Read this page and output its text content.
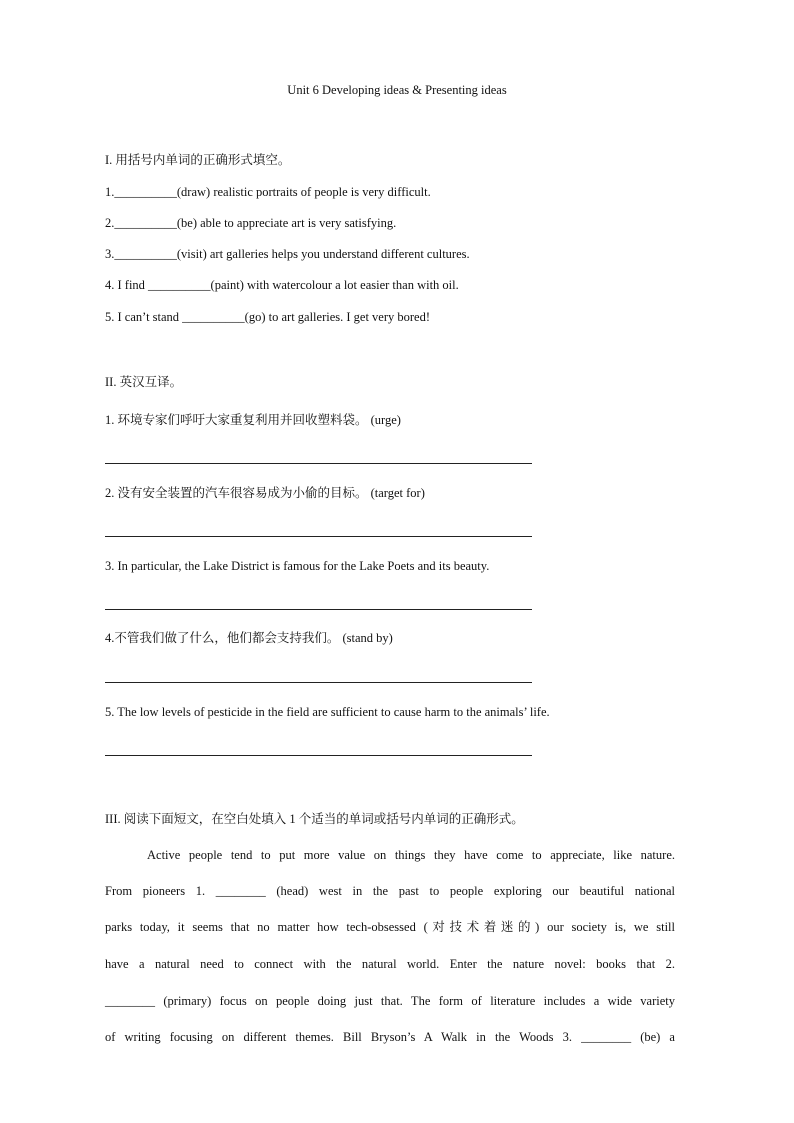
Unit 6 Developing ideas & Presenting ideas
I. 用括号内单词的正确形式填空。
1.__________(draw) realistic portraits of people is very difficult.
2.__________(be) able to appreciate art is very satisfying.
3.__________(visit) art galleries helps you understand different cultures.
4. I find __________(paint) with watercolour a lot easier than with oil.
5. I can’t stand __________(go) to art galleries. I get very bored!
II. 英汉互译。
1. 环境专家们呼吁大家重复利用并回收塑料袋。 (urge)
2. 没有安全装置的汽车很容易成为小偷的目标。 (target for)
3. In particular, the Lake District is famous for the Lake Poets and its beauty.
4.不管我们做了什么，他们都会支持我们。 (stand by)
5. The low levels of pesticide in the field are sufficient to cause harm to the animals’ life.
III. 阅读下面短文，在空白处填入 1 个适当的单词或括号内单词的正确形式。
Active people tend to put more value on things they have come to appreciate, like nature.
From pioneers 1. ________ (head) west in the past to people exploring our beautiful national
parks today, it seems that no matter how tech-obsessed (对技术着迷的) our society is, we still
have a natural need to connect with the natural world. Enter the nature novel: books that 2.
________ (primary) focus on people doing just that. The form of literature includes a wide variety
of writing focusing on different themes. Bill Bryson’s A Walk in the Woods 3. ________ (be) a
